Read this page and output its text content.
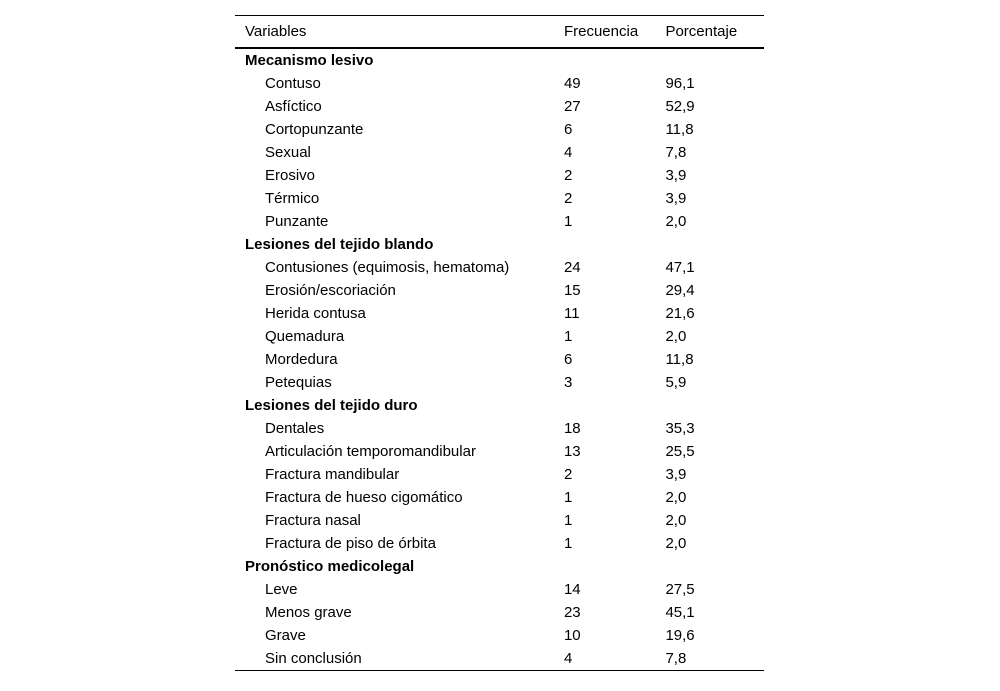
Variables	Frecuencia	Porcentaje
Mecanismo lesivo		
Contuso	49	96,1
Asfíctico	27	52,9
Cortopunzante	6	11,8
Sexual	4	7,8
Erosivo	2	3,9
Térmico	2	3,9
Punzante	1	2,0
Lesiones del tejido blando		
Contusiones (equimosis, hematoma)	24	47,1
Erosión/escoriación	15	29,4
Herida contusa	11	21,6
Quemadura	1	2,0
Mordedura	6	11,8
Petequias	3	5,9
Lesiones del tejido duro		
Dentales	18	35,3
Articulación temporomandibular	13	25,5
Fractura mandibular	2	3,9
Fractura de hueso cigomático	1	2,0
Fractura nasal	1	2,0
Fractura de piso de órbita	1	2,0
Pronóstico medicolegal		
Leve	14	27,5
Menos grave	23	45,1
Grave	10	19,6
Sin conclusión	4	7,8
